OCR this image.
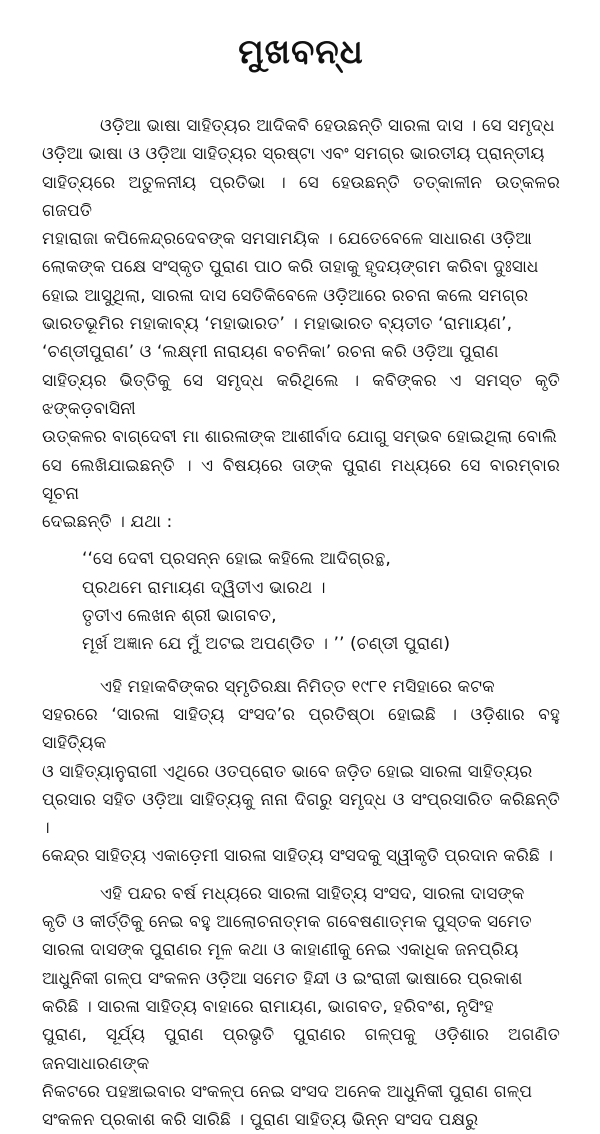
ମୁଖବନ୍ଧ
ଓଡ଼ିଆ ଭାଷା ସାହିତ୍ୟର ଆଦିକବି ହେଉଛନ୍ତି ସାରଳା ଦାସ । ସେ ସମୃଦ୍ଧ
ଓଡ଼ିଆ ଭାଷା ଓ ଓଡ଼ିଆ ସାହିତ୍ୟର ସ୍ରଷ୍ଟା ଏବଂ ସମଗ୍ର ଭାରତୀୟ ପ୍ରାନ୍ତୀୟ
ସାହିତ୍ୟରେ ଅତୁଳନୀୟ ପ୍ରତିଭା । ସେ ହେଉଛନ୍ତି ତତ୍କାଳୀନ ଉତ୍କଳର ଗଜପତି
ମହାରାଜା କପିଳେନ୍ଦ୍ରଦେବଙ୍କ ସମସାମୟିକ । ଯେତେବେଳେ ସାଧାରଣ ଓଡ଼ିଆ
ଲୋକଙ୍କ ପକ୍ଷେ ସଂସ୍କୃତ ପୁରାଣ ପାଠ କରି ତାହାକୁ ହୃଦୟଙ୍ଗମ କରିବା ଦୁଃସାଧ
ହୋଇ ଆସୁଥିଲା, ସାରଳା ଦାସ ସେତିକିବେଳେ ଓଡ଼ିଆରେ ରଚନା କଲେ ସମଗ୍ର
ଭାରତଭୂମିର ମହାକାବ୍ୟ ‘ମହାଭାରତ’ । ମହାଭାରତ ବ୍ୟତୀତ ‘ରାମାୟଣ’,
‘ଚଣ୍ଡୀପୁରାଣ’ ଓ ‘ଲକ୍ଷ୍ମୀ ନାରାୟଣ ବଚନିକା’ ରଚନା କରି ଓଡ଼ିଆ ପୁରାଣ
ସାହିତ୍ୟର ଭିତ୍ତିକୁ ସେ ସମୃଦ୍ଧ କରିଥିଲେ । କବିଙ୍କର ଏ ସମସ୍ତ କୃତି ଝଙ୍କଡ଼ବାସିନୀ
ଉତ୍କଳର ବାଗ୍‌ଦେବୀ ମା ଶାରଳାଙ୍କ ଆଶୀର୍ବାଦ ଯୋଗୁ ସମ୍ଭବ ହୋଇଥିଲା ବୋଲି
ସେ ଲେଖିଯାଇଛନ୍ତି । ଏ ବିଷୟରେ ତାଙ୍କ ପୁରାଣ ମଧ୍ୟରେ ସେ ବାରମ୍ବାର ସୂଚନା
ଦେଇଛନ୍ତି । ଯଥା :
‘‘ସେ ଦେବୀ ପ୍ରସନ୍ନ ହୋଇ କହିଲେ ଆଦିଗ୍ରନ୍ଥ,
ପ୍ରଥମେ ରାମାୟଣ ଦ୍ୱିତୀଏ ଭାରଥ ।
ତୃତୀଏ ଲେଖନ ଶ୍ରୀ ଭାଗବତ,
ମୂର୍ଖ ଅଜ୍ଞାନ ଯେ ମୁଁ ଅଟଇ ଅପଣ୍ଡିତ । ’’ (ଚଣ୍ଡୀ ପୁରାଣ)
ଏହି ମହାକବିଙ୍କର ସ୍ମୃତିରକ୍ଷା ନିମିତ୍ତ ୧୯୮୧ ମସିହାରେ କଟକ
ସହରରେ ‘ସାରଳା ସାହିତ୍ୟ ସଂସଦ’ର ପ୍ରତିଷ୍ଠା ହୋଇଛି । ଓଡ଼ିଶାର ବହୁ ସାହିତ୍ୟିକ
ଓ ସାହିତ୍ୟାନୁରାଗୀ ଏଥିରେ ଓତପ୍ରୋତ ଭାବେ ଜଡ଼ିତ ହୋଇ ସାରଳା ସାହିତ୍ୟର
ପ୍ରସାର ସହିତ ଓଡ଼ିଆ ସାହିତ୍ୟକୁ ନାନା ଦିଗରୁ ସମୃଦ୍ଧ ଓ ସଂପ୍ରସାରିତ କରିଛନ୍ତି ।
କେନ୍ଦ୍ର ସାହିତ୍ୟ ଏକାଡ଼େମୀ ସାରଳା ସାହିତ୍ୟ ସଂସଦକୁ ସ୍ୱୀକୃତି ପ୍ରଦାନ କରିଛି ।
ଏହି ପନ୍ଦର ବର୍ଷ ମଧ୍ୟରେ ସାରଳା ସାହିତ୍ୟ ସଂସଦ, ସାରଳା ଦାସଙ୍କ
କୃତି ଓ କୀର୍ତ୍ତିକୁ ନେଇ ବହୁ ଆଲୋଚନାତ୍ମକ ଗବେଷଣାତ୍ମକ ପୁସ୍ତକ ସମେତ
ସାରଳା ଦାସଙ୍କ ପୁରାଣର ମୂଳ କଥା ଓ କାହାଣୀକୁ ନେଇ ଏକାଧିକ ଜନପ୍ରିୟ
ଆଧୁନିକୀ ଗଳ୍ପ ସଂକଳନ ଓଡ଼ିଆ ସମେତ ହିନ୍ଦୀ ଓ ଇଂରାଜୀ ଭାଷାରେ ପ୍ରକାଶ
କରିଛି । ସାରଳା ସାହିତ୍ୟ ବାହାରେ ରାମାୟଣ, ଭାଗବତ, ହରିବଂଶ, ନୃସିଂହ
ପୁରାଣ, ସୂର୍ଯ୍ୟ ପୁରାଣ ପ୍ରଭୃତି ପୁରାଣର ଗଳ୍ପକୁ ଓଡ଼ିଶାର ଅଗଣିତ ଜନସାଧାରଣଙ୍କ
ନିକଟରେ ପହଞ୍ଚାଇବାର ସଂକଳ୍ପ ନେଇ ସଂସଦ ଅନେକ ଆଧୁନିକୀ ପୁରାଣ ଗଳ୍ପ
ସଂକଳନ ପ୍ରକାଶ କରି ସାରିଛି । ପୁରାଣ ସାହିତ୍ୟ ଭିନ୍ନ ସଂସଦ ପକ୍ଷରୁ
